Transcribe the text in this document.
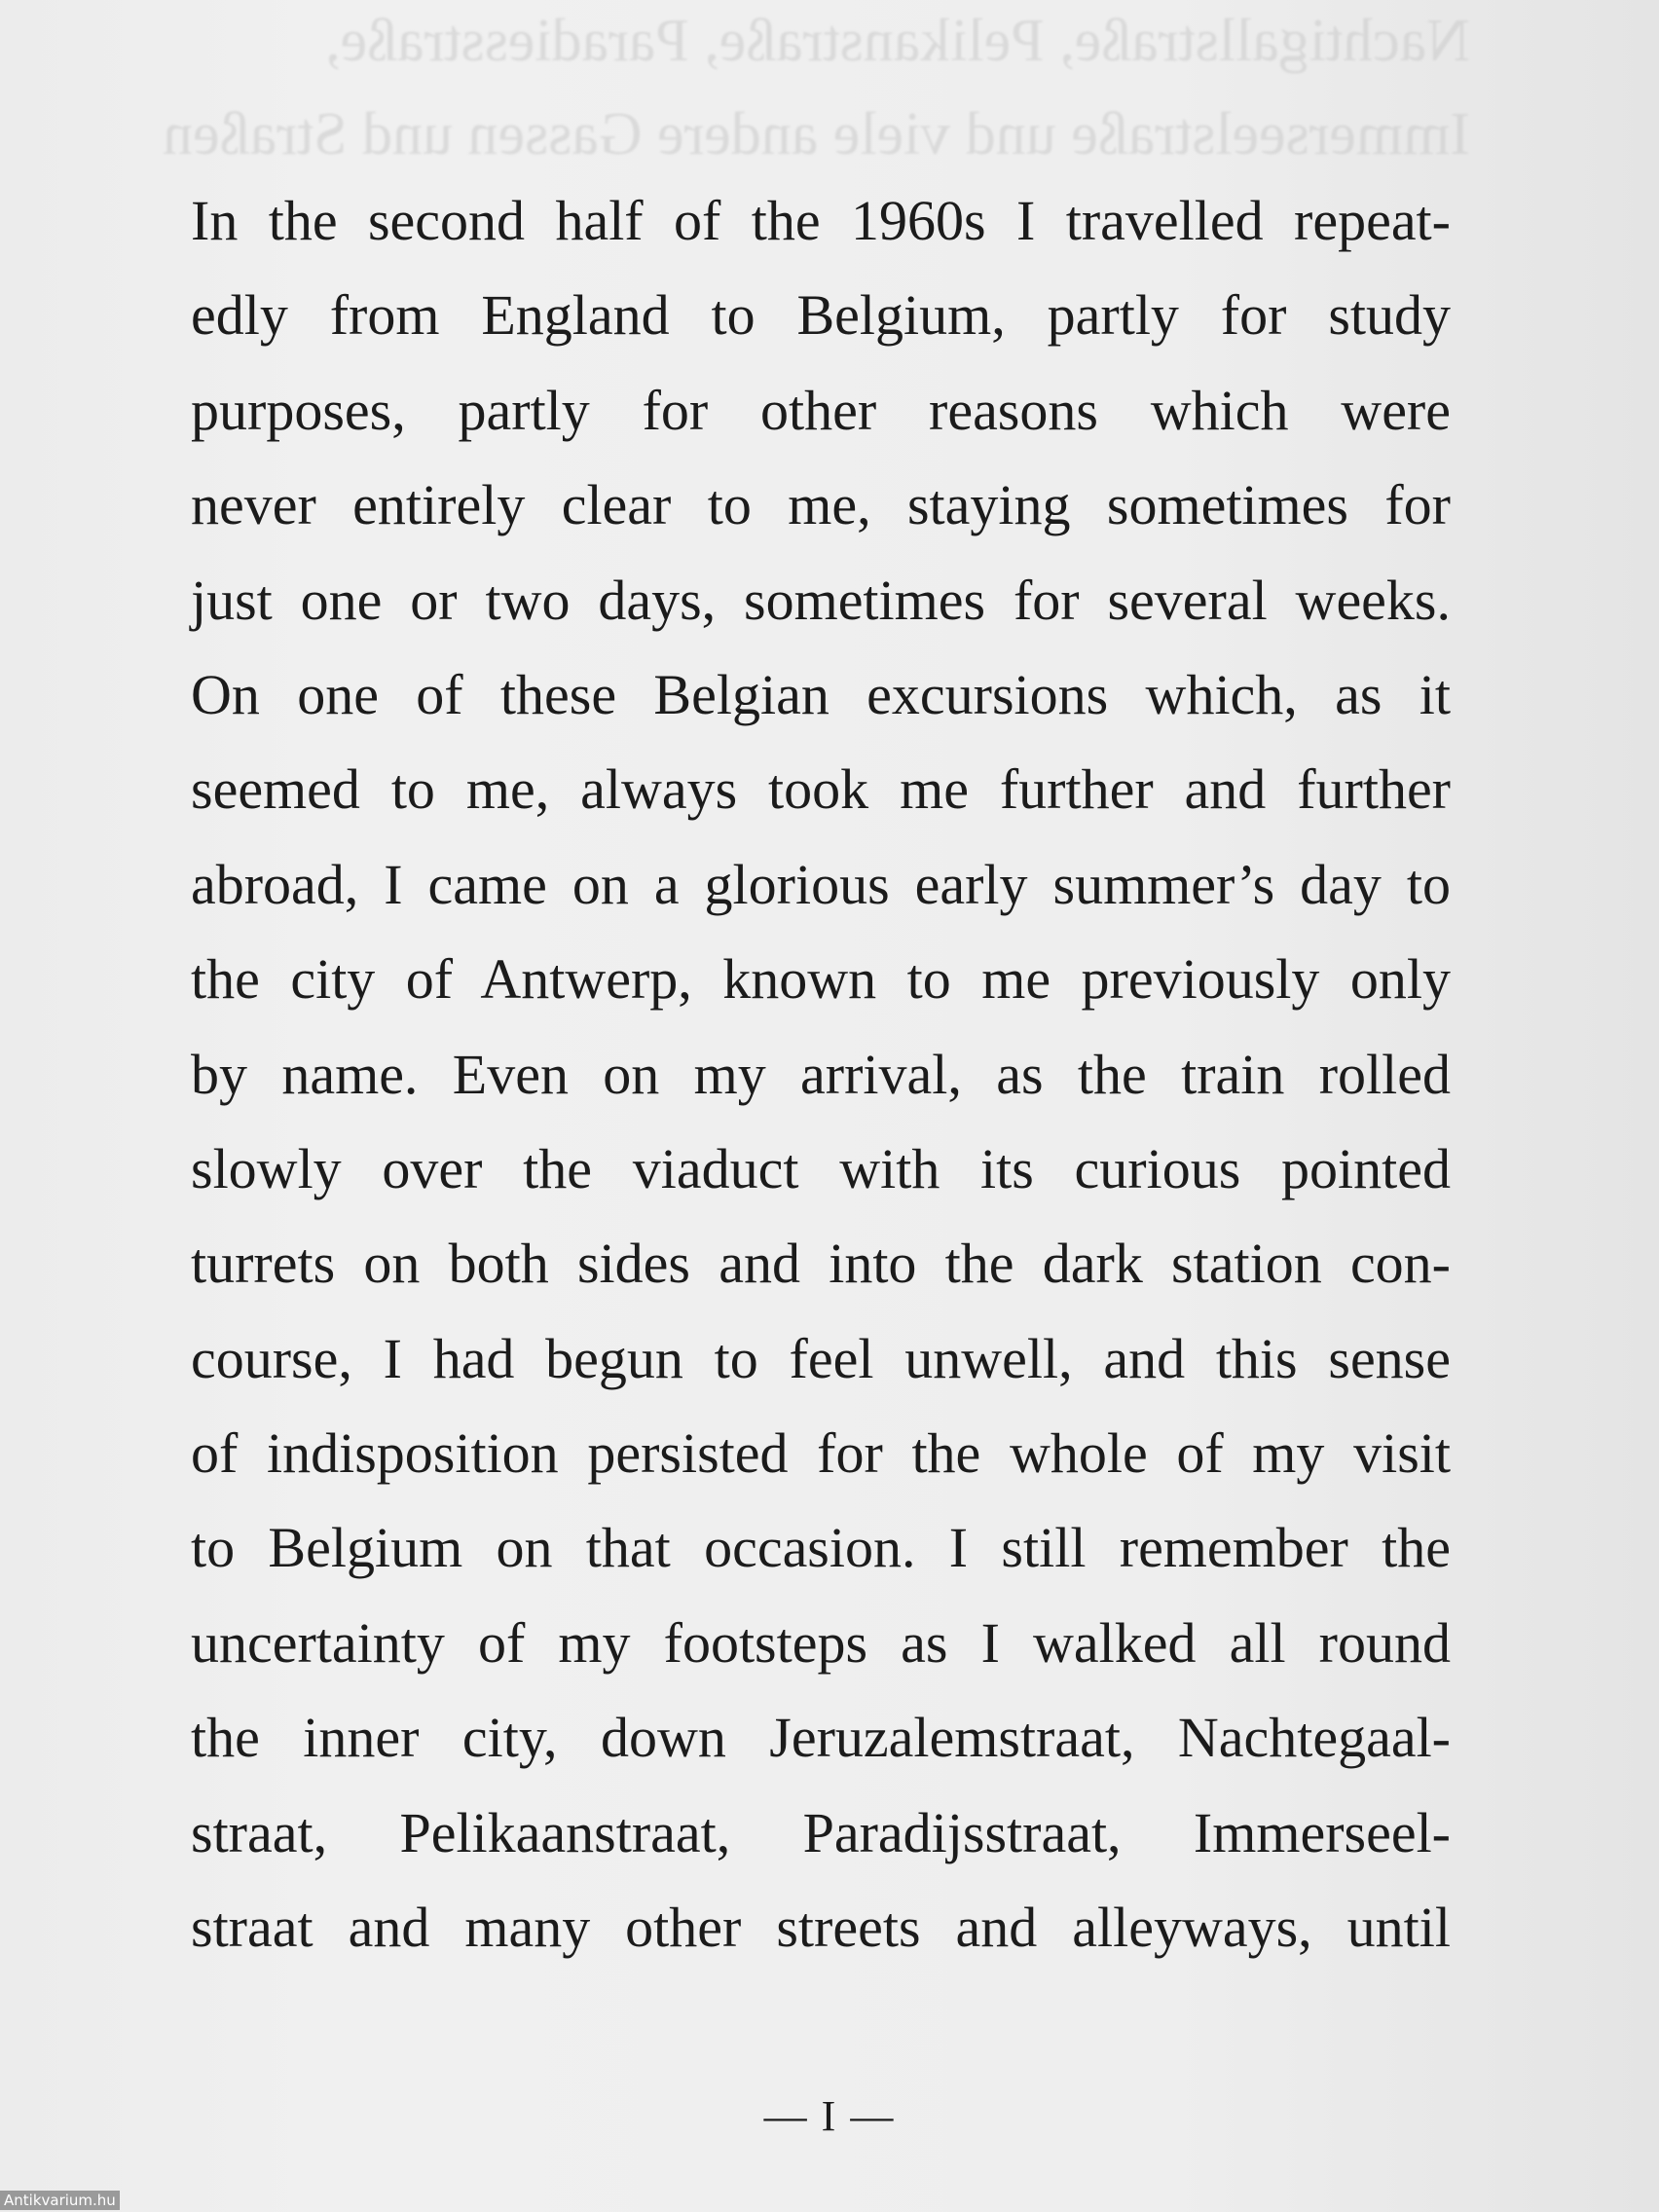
Nachtigallstraße, Pelikanstraße, Paradiesstraße,
Immerseelstraße und viele andere Gassen und Straßen
In the second half of the 1960s I travelled repeat-
edly from England to Belgium, partly for study
purposes, partly for other reasons which were
never entirely clear to me, staying sometimes for
just one or two days, sometimes for several weeks.
On one of these Belgian excursions which, as it
seemed to me, always took me further and further
abroad, I came on a glorious early summer’s day to
the city of Antwerp, known to me previously only
by name. Even on my arrival, as the train rolled
slowly over the viaduct with its curious pointed
turrets on both sides and into the dark station con-
course, I had begun to feel unwell, and this sense
of indisposition persisted for the whole of my visit
to Belgium on that occasion. I still remember the
uncertainty of my footsteps as I walked all round
the inner city, down Jeruzalemstraat, Nachtegaal-
straat, Pelikaanstraat, Paradijsstraat, Immerseel-
straat and many other streets and alleyways, until
— I —
Antikvarium.hu
